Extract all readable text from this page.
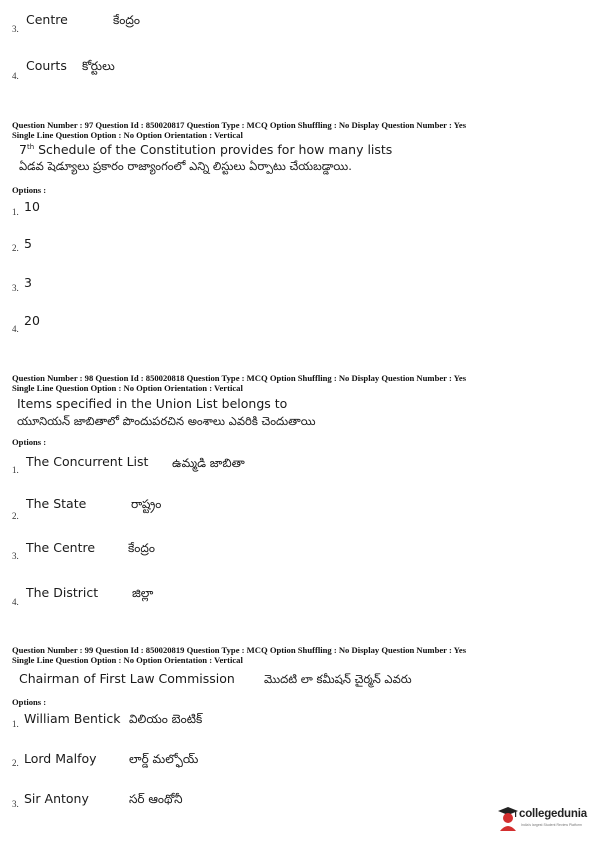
3.
Centre	కేంద్రం
4.
Courts కోర్టులు
Question Number : 97 Question Id : 850020817 Question Type : MCQ Option Shuffling : No Display Question Number : Yes
Single Line Question Option : No Option Orientation : Vertical
7th Schedule of the Constitution provides for how many lists
ఏడవ షెడ్యూలు ప్రకారం రాజ్యాంగంలో ఎన్ని లిస్టులు ఏర్పాటు చేయబడ్డాయి.
Options :
1. 10
2. 5
3. 3
4.
20
Question Number : 98 Question Id : 850020818 Question Type : MCQ Option Shuffling : No Display Question Number : Yes
Single Line Question Option : No Option Orientation : Vertical
Items specified in the Union List belongs to
యూనియన్ జాబితాలో పొందుపరచిన అంశాలు ఎవరికి చెందుతాయి
Options :
1.
The Concurrent List ఉమ్మడి జాబితా
2.
The State	రాష్ట్రం
3.
The Centre	కేంద్రం
4.
The District	జిల్లా
Question Number : 99 Question Id : 850020819 Question Type : MCQ Option Shuffling : No Display Question Number : Yes
Single Line Question Option : No Option Orientation : Vertical
Chairman of First Law Commission	మొదటి లా కమీషన్ చైర్మన్ ఎవరు
Options :
1. William Bentick విలియం బెంటిక్
2. Lord Malfoy	లార్డ్ మల్ఫోయ్
3. Sir Antony	సర్ ఆంథోనీ
collegedunia
India's largest Student Review Platform
